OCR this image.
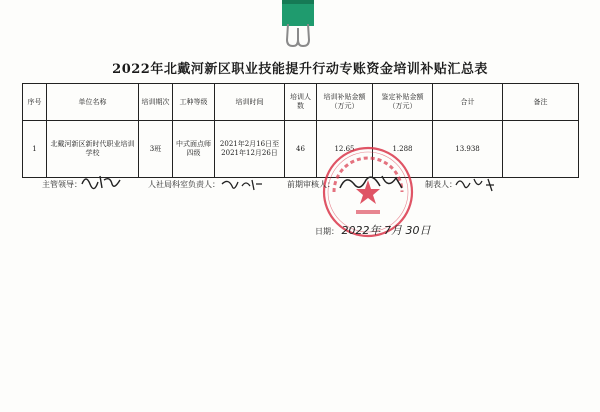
2022年北戴河新区职业技能提升行动专账资金培训补贴汇总表
序号	单位名称	培训期次	工种等级	培训时间	培训人数	培训补贴金额（万元）	鉴定补贴金额（万元）	合计	备注
1	北戴河新区新时代职业培训学校	3班	中式面点师四级	2021年2月16日至2021年12月26日	46	12.65	1.288	13.938	
主管领导：	人社局科室负责人：	前期审核人：	制表人：
日期： 2022年 7月 30日
